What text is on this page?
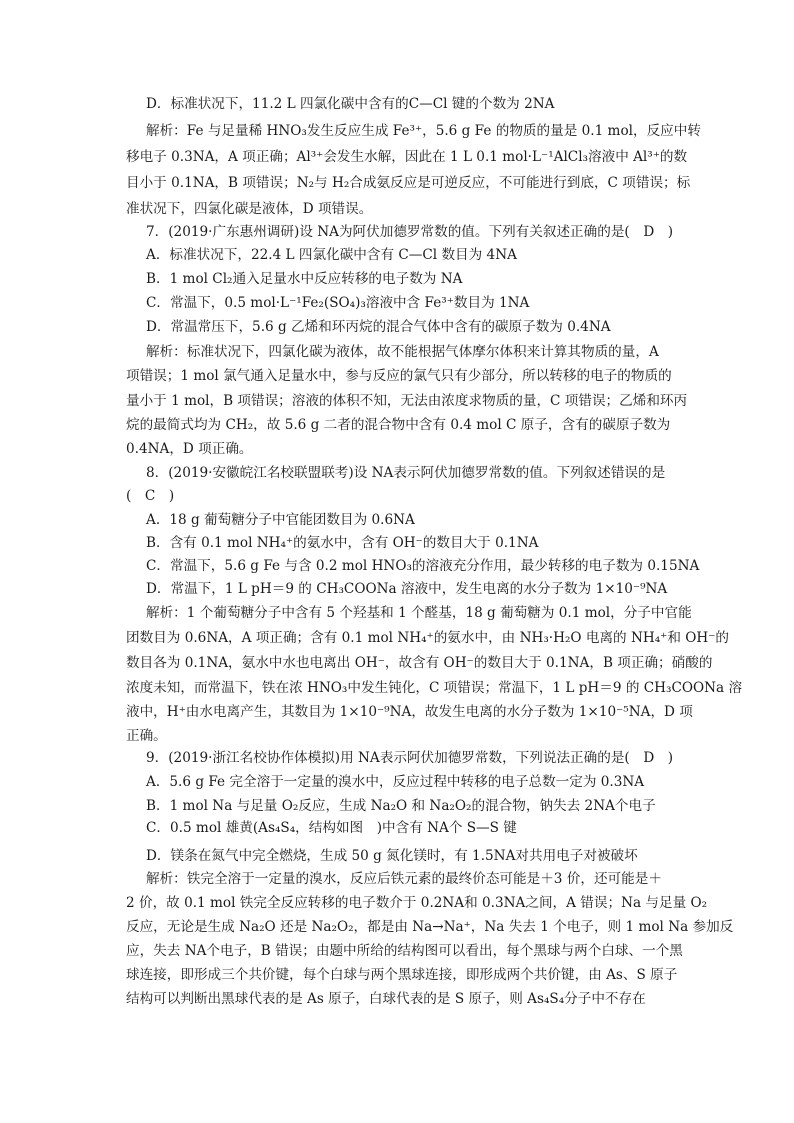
D．标准状况下，11.2 L 四氯化碳中含有的C—Cl 键的个数为 2NA
解析：Fe 与足量稀 HNO₃发生反应生成 Fe³⁺，5.6 g Fe 的物质的量是 0.1 mol，反应中转
移电子 0.3NA，A 项正确；Al³⁺会发生水解，因此在 1 L 0.1 mol·L⁻¹AlCl₃溶液中 Al³⁺的数
目小于 0.1NA，B 项错误；N₂与 H₂合成氨反应是可逆反应，不可能进行到底，C 项错误；标
准状况下，四氯化碳是液体，D 项错误。
7．(2019·广东惠州调研)设 NA为阿伏加德罗常数的值。下列有关叙述正确的是(　D　)
A．标准状况下，22.4 L 四氯化碳中含有 C—Cl 数目为 4NA
B．1 mol Cl₂通入足量水中反应转移的电子数为 NA
C．常温下，0.5 mol·L⁻¹Fe₂(SO₄)₃溶液中含 Fe³⁺数目为 1NA
D．常温常压下，5.6 g 乙烯和环丙烷的混合气体中含有的碳原子数为 0.4NA
解析：标准状况下，四氯化碳为液体，故不能根据气体摩尔体积来计算其物质的量，A
项错误；1 mol 氯气通入足量水中，参与反应的氯气只有少部分，所以转移的电子的物质的
量小于 1 mol，B 项错误；溶液的体积不知，无法由浓度求物质的量，C 项错误；乙烯和环丙
烷的最简式均为 CH₂，故 5.6 g 二者的混合物中含有 0.4 mol C 原子，含有的碳原子数为
0.4NA，D 项正确。
8．(2019·安徽皖江名校联盟联考)设 NA表示阿伏加德罗常数的值。下列叙述错误的是
(　C　)
A．18 g 葡萄糖分子中官能团数目为 0.6NA
B．含有 0.1 mol NH₄⁺的氨水中，含有 OH⁻的数目大于 0.1NA
C．常温下，5.6 g Fe 与含 0.2 mol HNO₃的溶液充分作用，最少转移的电子数为 0.15NA
D．常温下，1 L pH＝9 的 CH₃COONa 溶液中，发生电离的水分子数为 1×10⁻⁹NA
解析：1 个葡萄糖分子中含有 5 个羟基和 1 个醛基，18 g 葡萄糖为 0.1 mol，分子中官能
团数目为 0.6NA，A 项正确；含有 0.1 mol NH₄⁺的氨水中，由 NH₃·H₂O 电离的 NH₄⁺和 OH⁻的
数目各为 0.1NA，氨水中水也电离出 OH⁻，故含有 OH⁻的数目大于 0.1NA，B 项正确；硝酸的
浓度未知，而常温下，铁在浓 HNO₃中发生钝化，C 项错误；常温下，1 L pH＝9 的 CH₃COONa 溶
液中，H⁺由水电离产生，其数目为 1×10⁻⁹NA，故发生电离的水分子数为 1×10⁻⁵NA，D 项
正确。
9．(2019·浙江名校协作体模拟)用 NA表示阿伏加德罗常数，下列说法正确的是(　D　)
A．5.6 g Fe 完全溶于一定量的溴水中，反应过程中转移的电子总数一定为 0.3NA
B．1 mol Na 与足量 O₂反应，生成 Na₂O 和 Na₂O₂的混合物，钠失去 2NA个电子
C．0.5 mol 雄黄(As₄S₄，结构如图　)中含有 NA个 S—S 键
D．镁条在氮气中完全燃烧，生成 50 g 氮化镁时，有 1.5NA对共用电子对被破坏
解析：铁完全溶于一定量的溴水，反应后铁元素的最终价态可能是＋3 价，还可能是＋
2 价，故 0.1 mol 铁完全反应转移的电子数介于 0.2NA和 0.3NA之间，A 错误；Na 与足量 O₂
反应，无论是生成 Na₂O 还是 Na₂O₂，都是由 Na→Na⁺，Na 失去 1 个电子，则 1 mol Na 参加反
应，失去 NA个电子，B 错误；由题中所给的结构图可以看出，每个黑球与两个白球、一个黑
球连接，即形成三个共价键，每个白球与两个黑球连接，即形成两个共价键，由 As、S 原子
结构可以判断出黑球代表的是 As 原子，白球代表的是 S 原子，则 As₄S₄分子中不存在
